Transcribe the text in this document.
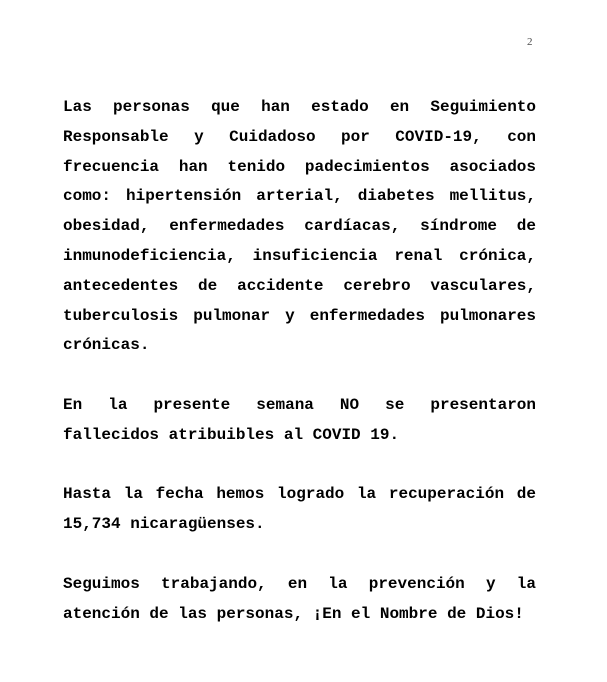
2

Las personas que han estado en Seguimiento Responsable y Cuidadoso por COVID-19, con frecuencia han tenido padecimientos asociados como: hipertensión arterial, diabetes mellitus, obesidad, enfermedades cardíacas, síndrome de inmunodeficiencia, insuficiencia renal crónica, antecedentes de accidente cerebro vasculares, tuberculosis pulmonar y enfermedades pulmonares crónicas.

En la presente semana NO se presentaron fallecidos atribuibles al COVID 19.

Hasta la fecha hemos logrado la recuperación de 15,734 nicaragüenses.

Seguimos trabajando, en la prevención y la atención de las personas, ¡En el Nombre de Dios!
